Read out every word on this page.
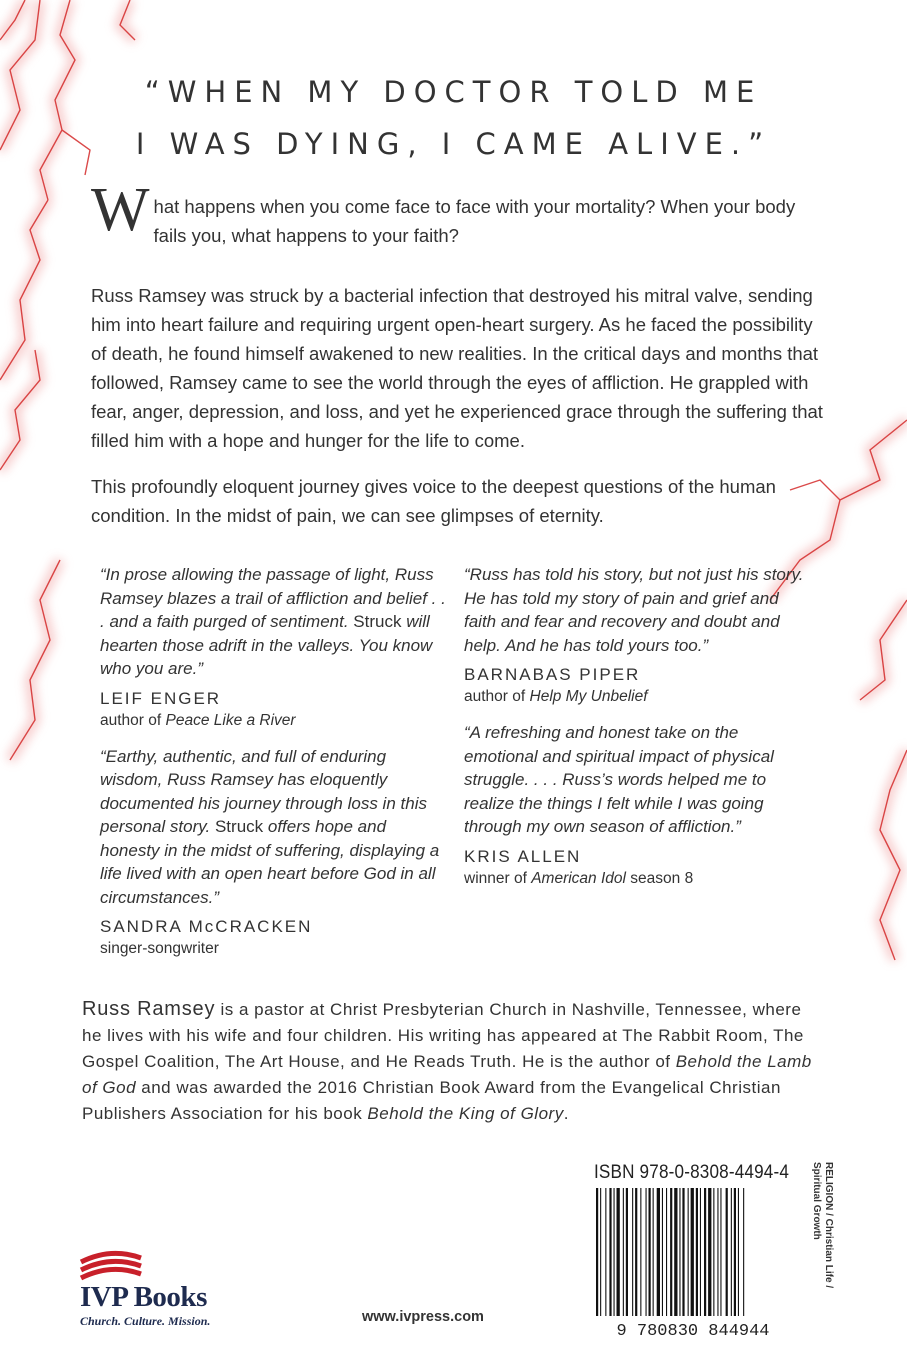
“WHEN MY DOCTOR TOLD ME
I WAS DYING, I CAME ALIVE.”
W hat happens when you come face to face with your mortality? When your body fails you, what happens to your faith?
Russ Ramsey was struck by a bacterial infection that destroyed his mitral valve, sending him into heart failure and requiring urgent open-heart surgery. As he faced the possibility of death, he found himself awakened to new realities. In the critical days and months that followed, Ramsey came to see the world through the eyes of affliction. He grappled with fear, anger, depression, and loss, and yet he experienced grace through the suffering that filled him with a hope and hunger for the life to come.
This profoundly eloquent journey gives voice to the deepest questions of the human condition. In the midst of pain, we can see glimpses of eternity.

“In prose allowing the passage of light, Russ Ramsey blazes a trail of affliction and belief . . . and a faith purged of sentiment. Struck will hearten those adrift in the valleys. You know who you are.”

LEIF ENGER
author of Peace Like a River

“Earthy, authentic, and full of enduring wisdom, Russ Ramsey has eloquently documented his journey through loss in this personal story. Struck offers hope and honesty in the midst of suffering, displaying a life lived with an open heart before God in all circumstances.”

SANDRA McCRACKEN
singer-songwriter

“Russ has told his story, but not just his story. He has told my story of pain and grief and faith and fear and recovery and doubt and help. And he has told yours too.”

BARNABAS PIPER
author of Help My Unbelief

“A refreshing and honest take on the emotional and spiritual impact of physical struggle. . . . Russ’s words helped me to realize the things I felt while I was going through my own season of affliction.”

KRIS ALLEN
winner of American Idol season 8
Russ Ramsey is a pastor at Christ Presbyterian Church in Nashville, Tennessee, where he lives with his wife and four children. His writing has appeared at The Rabbit Room, The Gospel Coalition, The Art House, and He Reads Truth. He is the author of Behold the Lamb of God and was awarded the 2016 Christian Book Award from the Evangelical Christian Publishers Association for his book Behold the King of Glory.
ISBN 978-0-8308-4494-4
9 780830 844944
RELIGION / Christian Life / Spiritual Growth
IVP Books
Church. Culture. Mission.	www.ivpress.com
